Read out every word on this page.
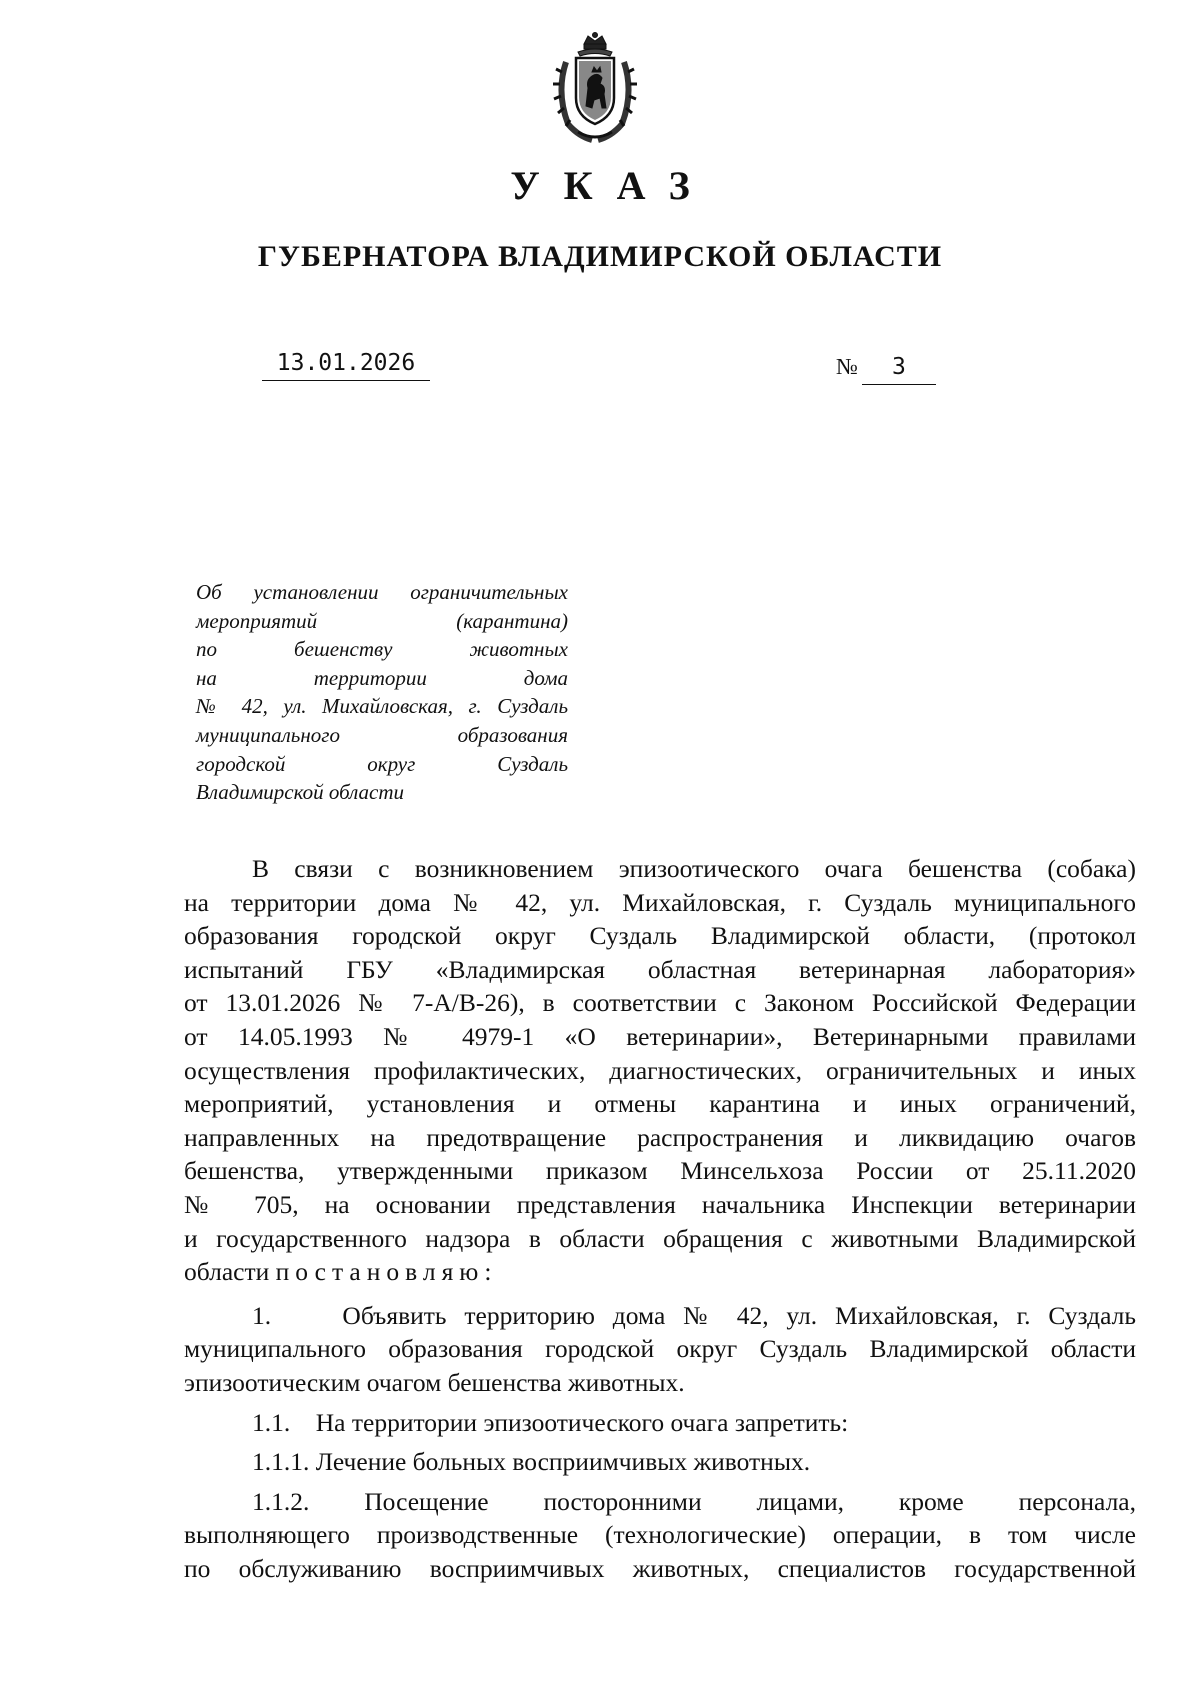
УКАЗ
ГУБЕРНАТОРА ВЛАДИМИРСКОЙ ОБЛАСТИ
13.01.2026	№ 3
Об установлении ограничительных
мероприятий (карантина)
по бешенству животных
на территории дома
№ 42, ул. Михайловская, г. Суздаль
муниципального образования
городской округ Суздаль
Владимирской области
В связи с возникновением эпизоотического очага бешенства (собака)
на территории дома № 42, ул. Михайловская, г. Суздаль муниципального
образования городской округ Суздаль Владимирской области, (протокол
испытаний ГБУ «Владимирская областная ветеринарная лаборатория»
от 13.01.2026 № 7-А/В-26), в соответствии с Законом Российской Федерации
от 14.05.1993 № 4979-1 «О ветеринарии», Ветеринарными правилами
осуществления профилактических, диагностических, ограничительных и иных
мероприятий, установления и отмены карантина и иных ограничений,
направленных на предотвращение распространения и ликвидацию очагов
бешенства, утвержденными приказом Минсельхоза России от 25.11.2020
№ 705, на основании представления начальника Инспекции ветеринарии
и государственного надзора в области обращения с животными Владимирской
области постановляю:
1.    Объявить территорию дома № 42, ул. Михайловская, г. Суздаль
муниципального образования городской округ Суздаль Владимирской области
эпизоотическим очагом бешенства животных.
1.1.    На территории эпизоотического очага запретить:
1.1.1. Лечение больных восприимчивых животных.
1.1.2. Посещение посторонними лицами, кроме персонала,
выполняющего производственные (технологические) операции, в том числе
по обслуживанию восприимчивых животных, специалистов государственной
